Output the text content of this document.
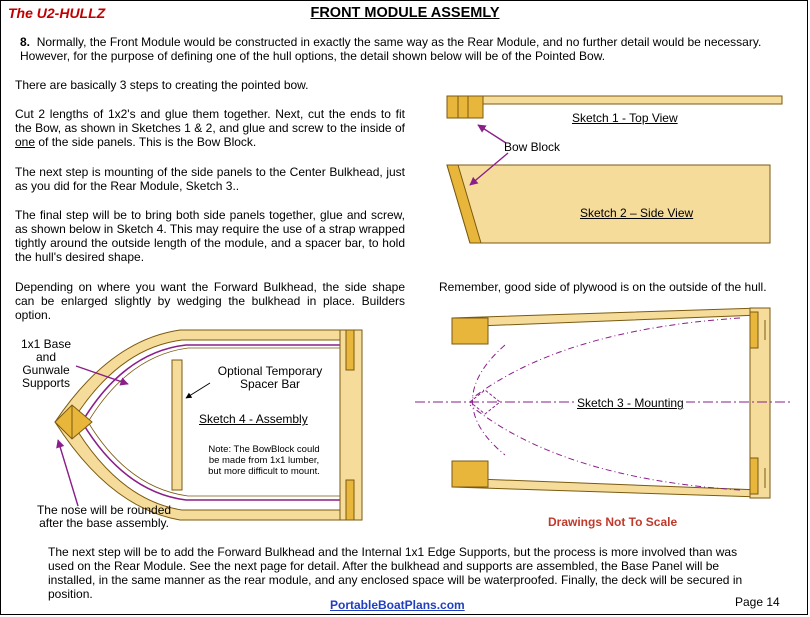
The U2-HULLZ	FRONT MODULE ASSEMLY
8. Normally, the Front Module would be constructed in exactly the same way as the Rear Module, and no further detail would be necessary. However, for the purpose of defining one of the hull options, the detail shown below will be of the Pointed Bow.
There are basically 3 steps to creating the pointed bow.
Cut 2 lengths of 1x2's and glue them together. Next, cut the ends to fit the Bow, as shown in Sketches 1 & 2, and glue and screw to the inside of one of the side panels. This is the Bow Block.
The next step is mounting of the side panels to the Center Bulkhead, just as you did for the Rear Module, Sketch 3..
The final step will be to bring both side panels together, glue and screw, as shown below in Sketch 4. This may require the use of a strap wrapped tightly around the outside length of the module, and a spacer bar, to hold the hull's desired shape.
Depending on where you want the Forward Bulkhead, the side shape can be enlarged slightly by wedging the bulkhead in place. Builders option.
Sketch 1 - Top View
Bow Block
Sketch 2 – Side View
Remember, good side of plywood is on the outside of the hull.
Sketch 3 - Mounting
1x1 Base
and
Gunwale
Supports
Optional Temporary
Spacer Bar
Sketch 4 - Assembly
Note: The BowBlock could
be made from 1x1 lumber,
but more difficult to mount.
The nose will be rounded
after the base assembly.	Drawings Not To Scale
The next step will be to add the Forward Bulkhead and the Internal 1x1 Edge Supports, but the process is more involved than was used on the Rear Module. See the next page for detail. After the bulkhead and supports are assembled, the Base Panel will be installed, in the same manner as the rear module, and any enclosed space will be waterproofed. Finally, the deck will be secured in position.
PortableBoatPlans.com	Page 14
